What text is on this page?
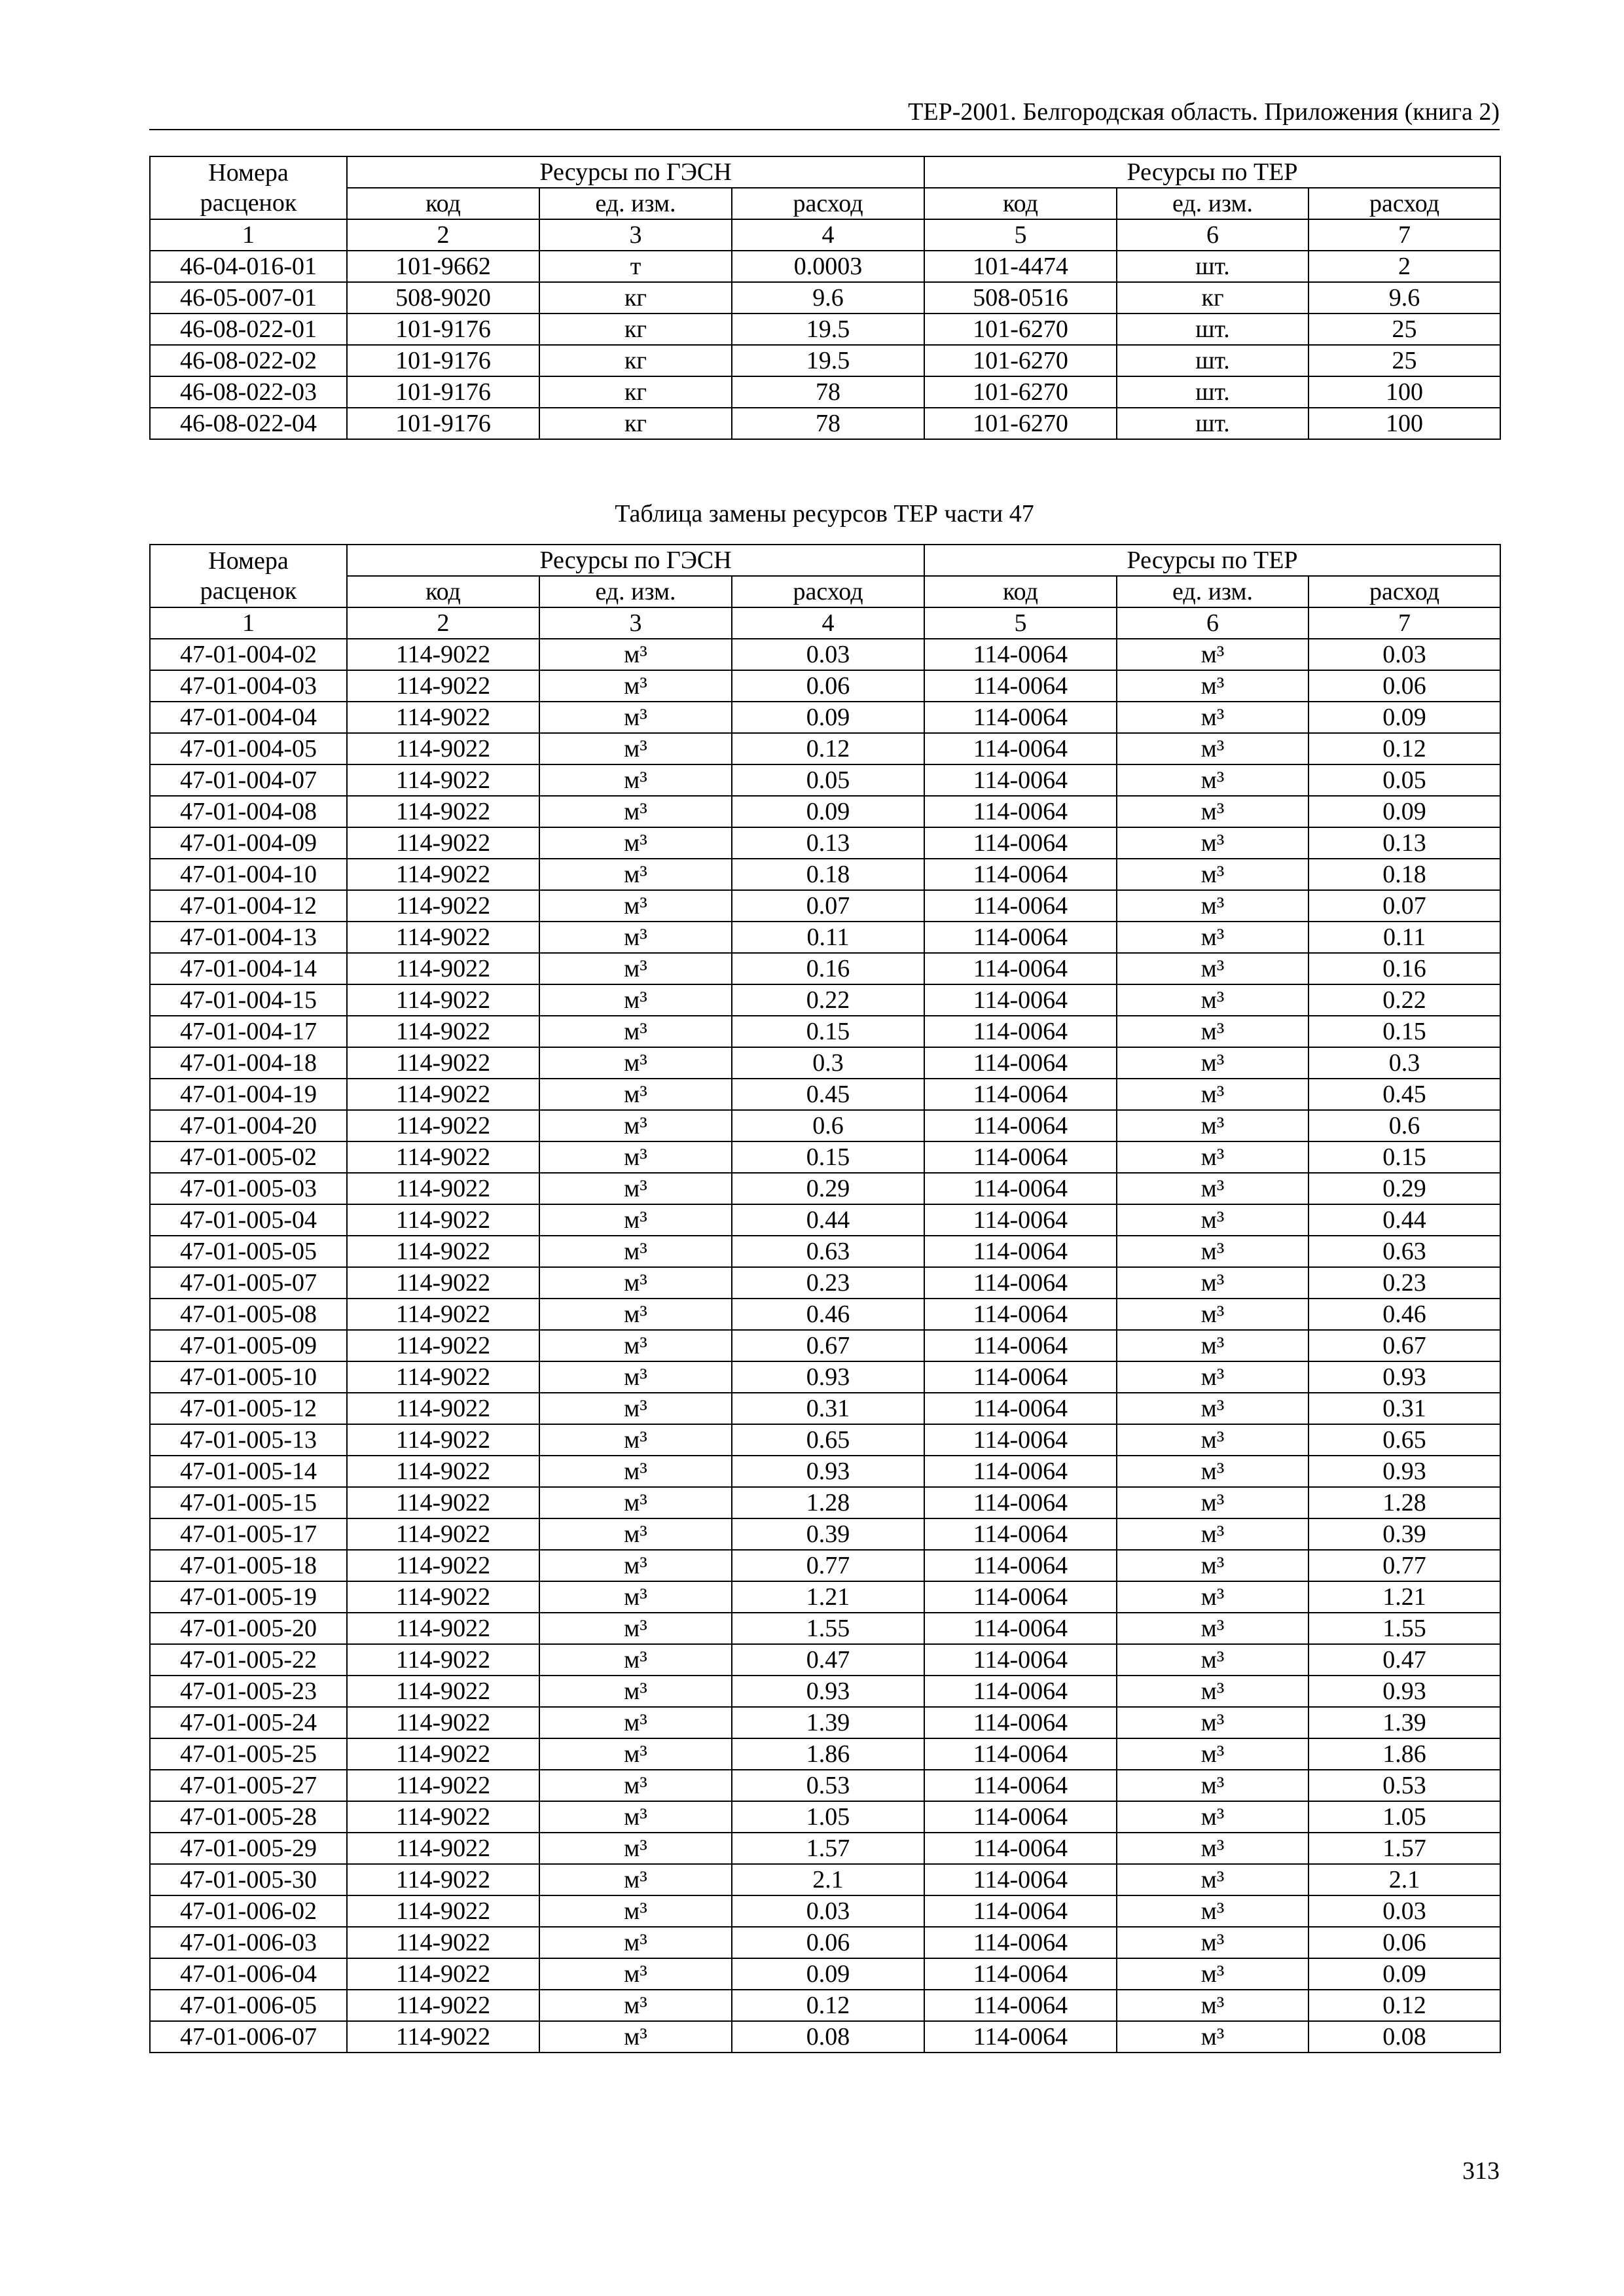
ТЕР-2001. Белгородская область. Приложения (книга 2)
Номера
расценок	Ресурсы по ГЭСН			Ресурсы по ТЕР		
	код	ед. изм.	расход	код	ед. изм.	расход
1	2	3	4	5	6	7
46-04-016-01	101-9662	т	0.0003	101-4474	шт.	2
46-05-007-01	508-9020	кг	9.6	508-0516	кг	9.6
46-08-022-01	101-9176	кг	19.5	101-6270	шт.	25
46-08-022-02	101-9176	кг	19.5	101-6270	шт.	25
46-08-022-03	101-9176	кг	78	101-6270	шт.	100
46-08-022-04	101-9176	кг	78	101-6270	шт.	100
Таблица замены ресурсов ТЕР части 47
Номера
расценок	Ресурсы по ГЭСН			Ресурсы по ТЕР		
	код	ед. изм.	расход	код	ед. изм.	расход
1	2	3	4	5	6	7
47-01-004-02	114-9022	м³	0.03	114-0064	м³	0.03
47-01-004-03	114-9022	м³	0.06	114-0064	м³	0.06
47-01-004-04	114-9022	м³	0.09	114-0064	м³	0.09
47-01-004-05	114-9022	м³	0.12	114-0064	м³	0.12
47-01-004-07	114-9022	м³	0.05	114-0064	м³	0.05
47-01-004-08	114-9022	м³	0.09	114-0064	м³	0.09
47-01-004-09	114-9022	м³	0.13	114-0064	м³	0.13
47-01-004-10	114-9022	м³	0.18	114-0064	м³	0.18
47-01-004-12	114-9022	м³	0.07	114-0064	м³	0.07
47-01-004-13	114-9022	м³	0.11	114-0064	м³	0.11
47-01-004-14	114-9022	м³	0.16	114-0064	м³	0.16
47-01-004-15	114-9022	м³	0.22	114-0064	м³	0.22
47-01-004-17	114-9022	м³	0.15	114-0064	м³	0.15
47-01-004-18	114-9022	м³	0.3	114-0064	м³	0.3
47-01-004-19	114-9022	м³	0.45	114-0064	м³	0.45
47-01-004-20	114-9022	м³	0.6	114-0064	м³	0.6
47-01-005-02	114-9022	м³	0.15	114-0064	м³	0.15
47-01-005-03	114-9022	м³	0.29	114-0064	м³	0.29
47-01-005-04	114-9022	м³	0.44	114-0064	м³	0.44
47-01-005-05	114-9022	м³	0.63	114-0064	м³	0.63
47-01-005-07	114-9022	м³	0.23	114-0064	м³	0.23
47-01-005-08	114-9022	м³	0.46	114-0064	м³	0.46
47-01-005-09	114-9022	м³	0.67	114-0064	м³	0.67
47-01-005-10	114-9022	м³	0.93	114-0064	м³	0.93
47-01-005-12	114-9022	м³	0.31	114-0064	м³	0.31
47-01-005-13	114-9022	м³	0.65	114-0064	м³	0.65
47-01-005-14	114-9022	м³	0.93	114-0064	м³	0.93
47-01-005-15	114-9022	м³	1.28	114-0064	м³	1.28
47-01-005-17	114-9022	м³	0.39	114-0064	м³	0.39
47-01-005-18	114-9022	м³	0.77	114-0064	м³	0.77
47-01-005-19	114-9022	м³	1.21	114-0064	м³	1.21
47-01-005-20	114-9022	м³	1.55	114-0064	м³	1.55
47-01-005-22	114-9022	м³	0.47	114-0064	м³	0.47
47-01-005-23	114-9022	м³	0.93	114-0064	м³	0.93
47-01-005-24	114-9022	м³	1.39	114-0064	м³	1.39
47-01-005-25	114-9022	м³	1.86	114-0064	м³	1.86
47-01-005-27	114-9022	м³	0.53	114-0064	м³	0.53
47-01-005-28	114-9022	м³	1.05	114-0064	м³	1.05
47-01-005-29	114-9022	м³	1.57	114-0064	м³	1.57
47-01-005-30	114-9022	м³	2.1	114-0064	м³	2.1
47-01-006-02	114-9022	м³	0.03	114-0064	м³	0.03
47-01-006-03	114-9022	м³	0.06	114-0064	м³	0.06
47-01-006-04	114-9022	м³	0.09	114-0064	м³	0.09
47-01-006-05	114-9022	м³	0.12	114-0064	м³	0.12
47-01-006-07	114-9022	м³	0.08	114-0064	м³	0.08
313
